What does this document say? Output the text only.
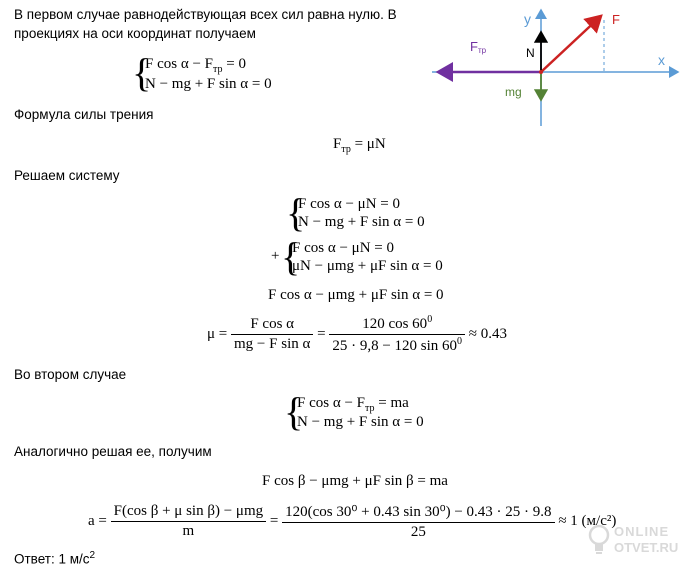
В первом случае равнодействующая всех сил равна нулю. В
проекциях на оси координат получаем
y
x
F
Fтр	N
mg
{
F $\cos \alpha - F_{тр} = 0$
N − mg + F sin α = 0
Формула силы трения
$F_{тр} = \mu N$
Решаем систему
{
F cos α − μN = 0
N − mg + F sin α = 0
+ {
F cos α − μN = 0
μN − μmg + μF sin α = 0
F cos α − μmg + μF sin α = 0
$\mu = \frac{\text{F cos α}}{\text{mg − F sin α}} = \frac{120 \cos 60^0}{25 \cdot 9,8 - 120 \sin 60^0} \approx 0.43$
Во втором случае
{
F $\cos \alpha - F_{тр}$ = ma
N − mg + F sin α = 0
Аналогично решая ее, получим
F cos β − μmg + μF sin β = ma
$a = \frac{\text{F(cos β + μ sin β) − μmg}}{m} = \frac{\text{120(cos 30⁰ + 0.43 sin 30⁰) − 0.43 · 25 · 9.8}}{25} \approx 1$ (м/с²)
Ответ: 1 $м/с^2$
ONLINE
OTVET.RU
